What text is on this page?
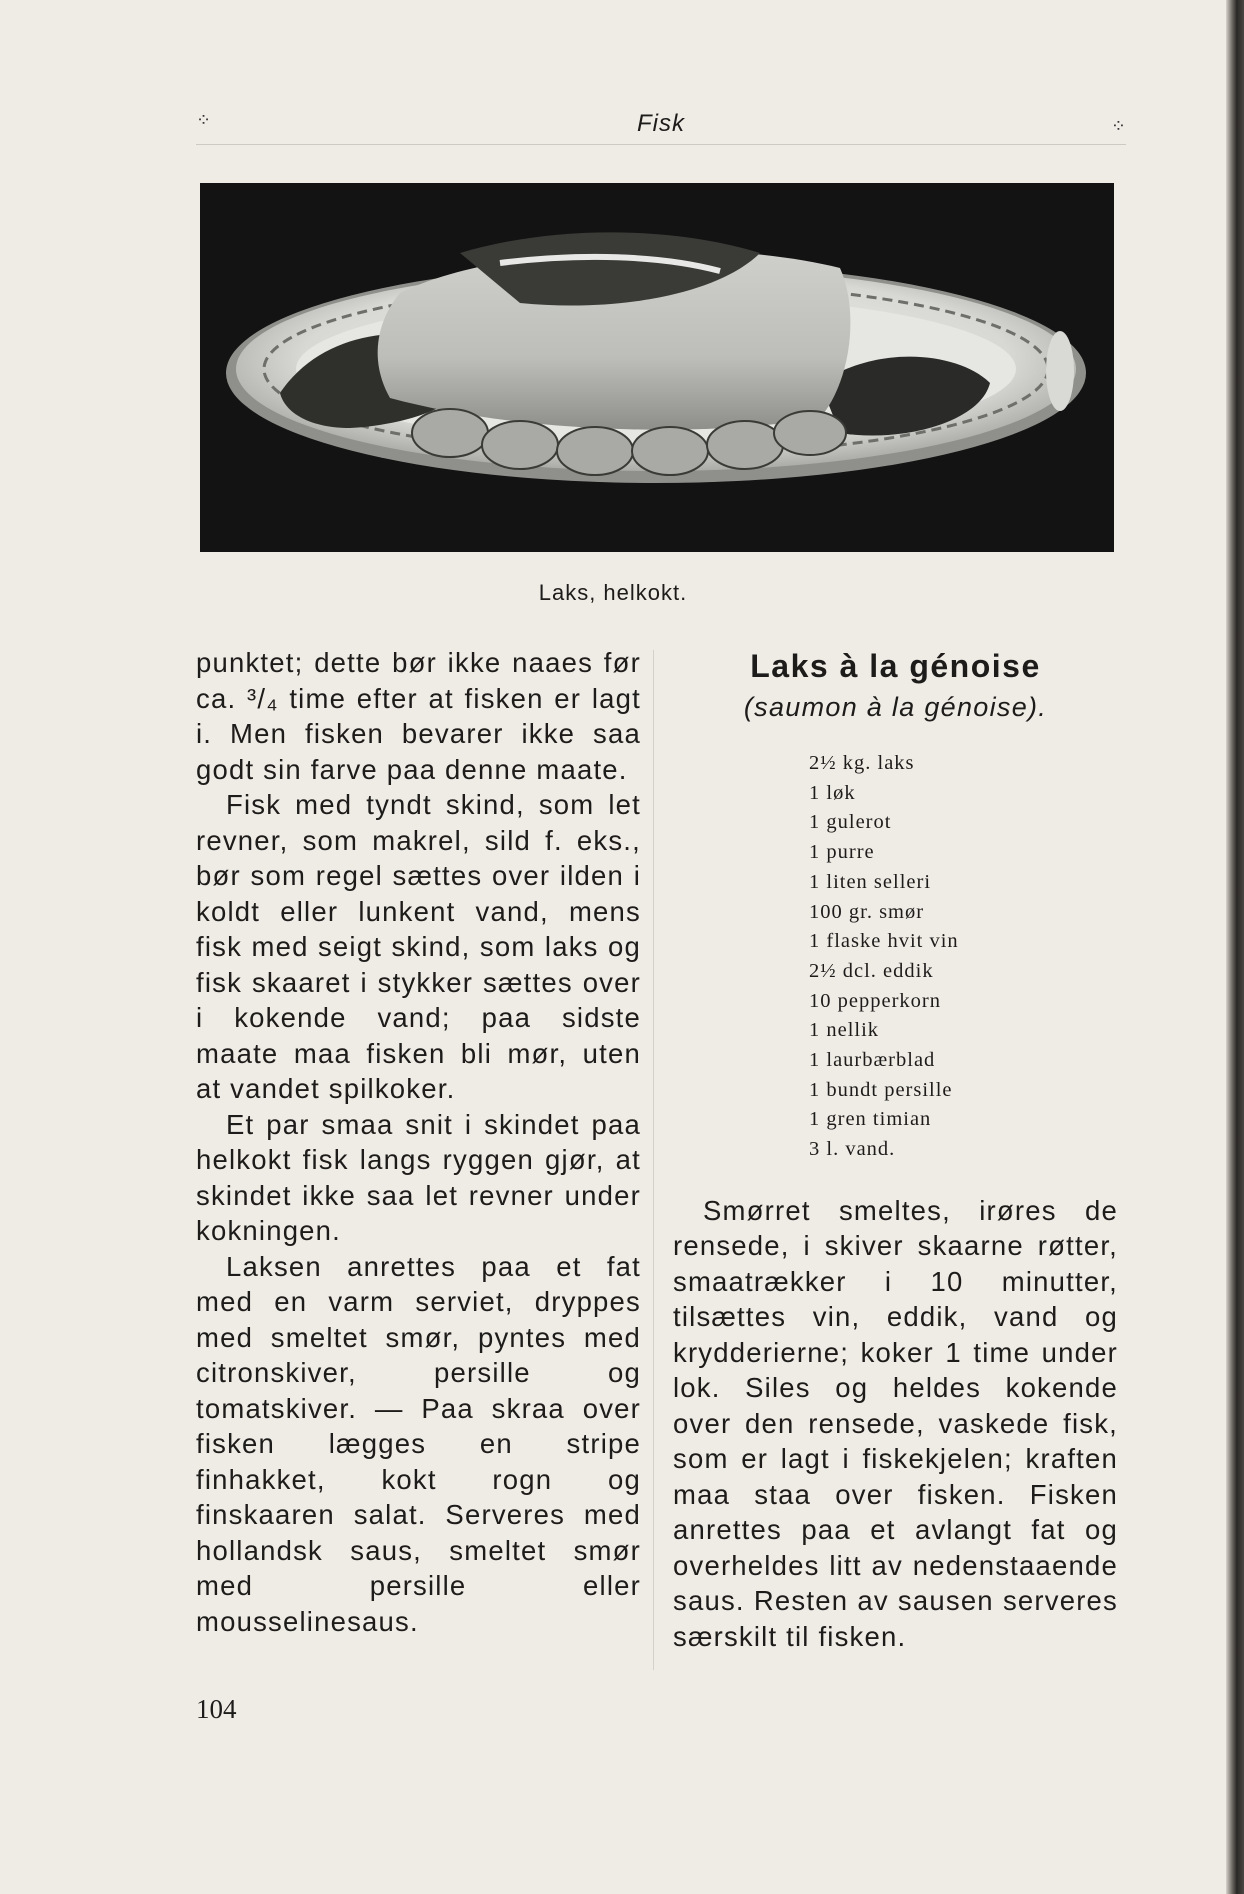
⁘	Fisk	⁘
Laks, helkokt.

punktet; dette bør ikke naaes før ca. ³/₄ time efter at fisken er lagt i. Men fisken bevarer ikke saa godt sin farve paa denne maate.

Fisk med tyndt skind, som let revner, som makrel, sild f. eks., bør som regel sættes over ilden i koldt eller lunkent vand, mens fisk med seigt skind, som laks og fisk skaaret i stykker sættes over i kokende vand; paa sidste maate maa fisken bli mør, uten at vandet spilkoker.

Et par smaa snit i skindet paa helkokt fisk langs ryggen gjør, at skindet ikke saa let revner under kokningen.

Laksen anrettes paa et fat med en varm serviet, dryppes med smeltet smør, pyntes med citronskiver, persille og tomatskiver. — Paa skraa over fisken lægges en stripe finhakket, kokt rogn og finskaaren salat. Serveres med hollandsk saus, smeltet smør med persille eller mousselinesaus.

Laks à la génoise

(saumon à la génoise).

2½ kg. laks
1 løk
1 gulerot
1 purre
1 liten selleri
100 gr. smør
1 flaske hvit vin
2½ dcl. eddik
10 pepperkorn
1 nellik
1 laurbærblad
1 bundt persille
1 gren timian
3 l. vand.

Smørret smeltes, irøres de rensede, i skiver skaarne røtter, smaatrækker i 10 minutter, tilsættes vin, eddik, vand og krydderierne; koker 1 time under lok. Siles og heldes kokende over den rensede, vaskede fisk, som er lagt i fiskekjelen; kraften maa staa over fisken. Fisken anrettes paa et avlangt fat og overheldes litt av nedenstaaende saus. Resten av sausen serveres særskilt til fisken.

104
